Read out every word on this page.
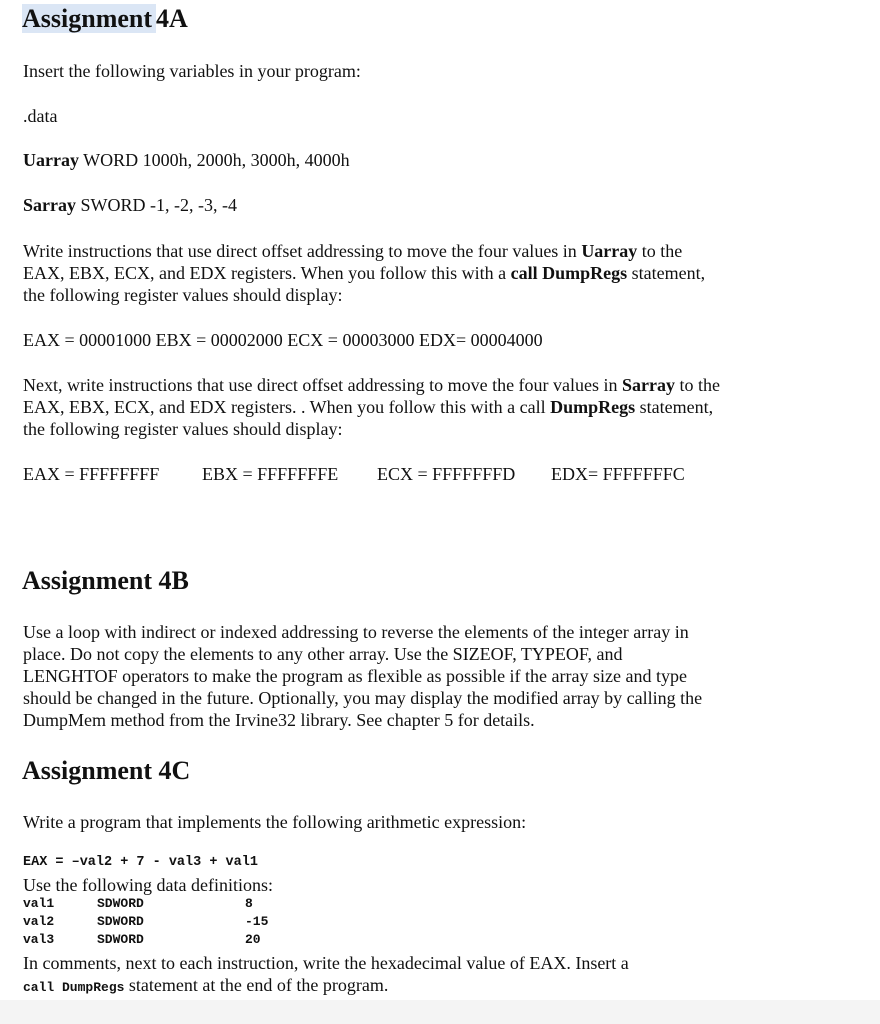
Assignment 4A

Insert the following variables in your program:

.data

Uarray WORD 1000h, 2000h, 3000h, 4000h

Sarray SWORD -1, -2, -3, -4

Write instructions that use direct offset addressing to move the four values in Uarray to the

EAX, EBX, ECX, and EDX registers. When you follow this with a call DumpRegs statement,

the following register values should display:

EAX = 00001000 EBX = 00002000 ECX = 00003000 EDX= 00004000

Next, write instructions that use direct offset addressing to move the four values in Sarray to the

EAX, EBX, ECX, and EDX registers. . When you follow this with a call DumpRegs statement,

the following register values should display:

EAX = FFFFFFFF EBX = FFFFFFFE ECX = FFFFFFFD EDX= FFFFFFFC
Assignment 4B

Use a loop with indirect or indexed addressing to reverse the elements of the integer array in

place. Do not copy the elements to any other array. Use the SIZEOF, TYPEOF, and

LENGHTOF operators to make the program as flexible as possible if the array size and type

should be changed in the future. Optionally, you may display the modified array by calling the

DumpMem method from the Irvine32 library. See chapter 5 for details.

Assignment 4C

Write a program that implements the following arithmetic expression:

EAX = –val2 + 7 - val3 + val1

Use the following data definitions:

val1	SDWORD	8
val2	SDWORD	-15
val3	SDWORD	20

In comments, next to each instruction, write the hexadecimal value of EAX. Insert a

call DumpRegs statement at the end of the program.
